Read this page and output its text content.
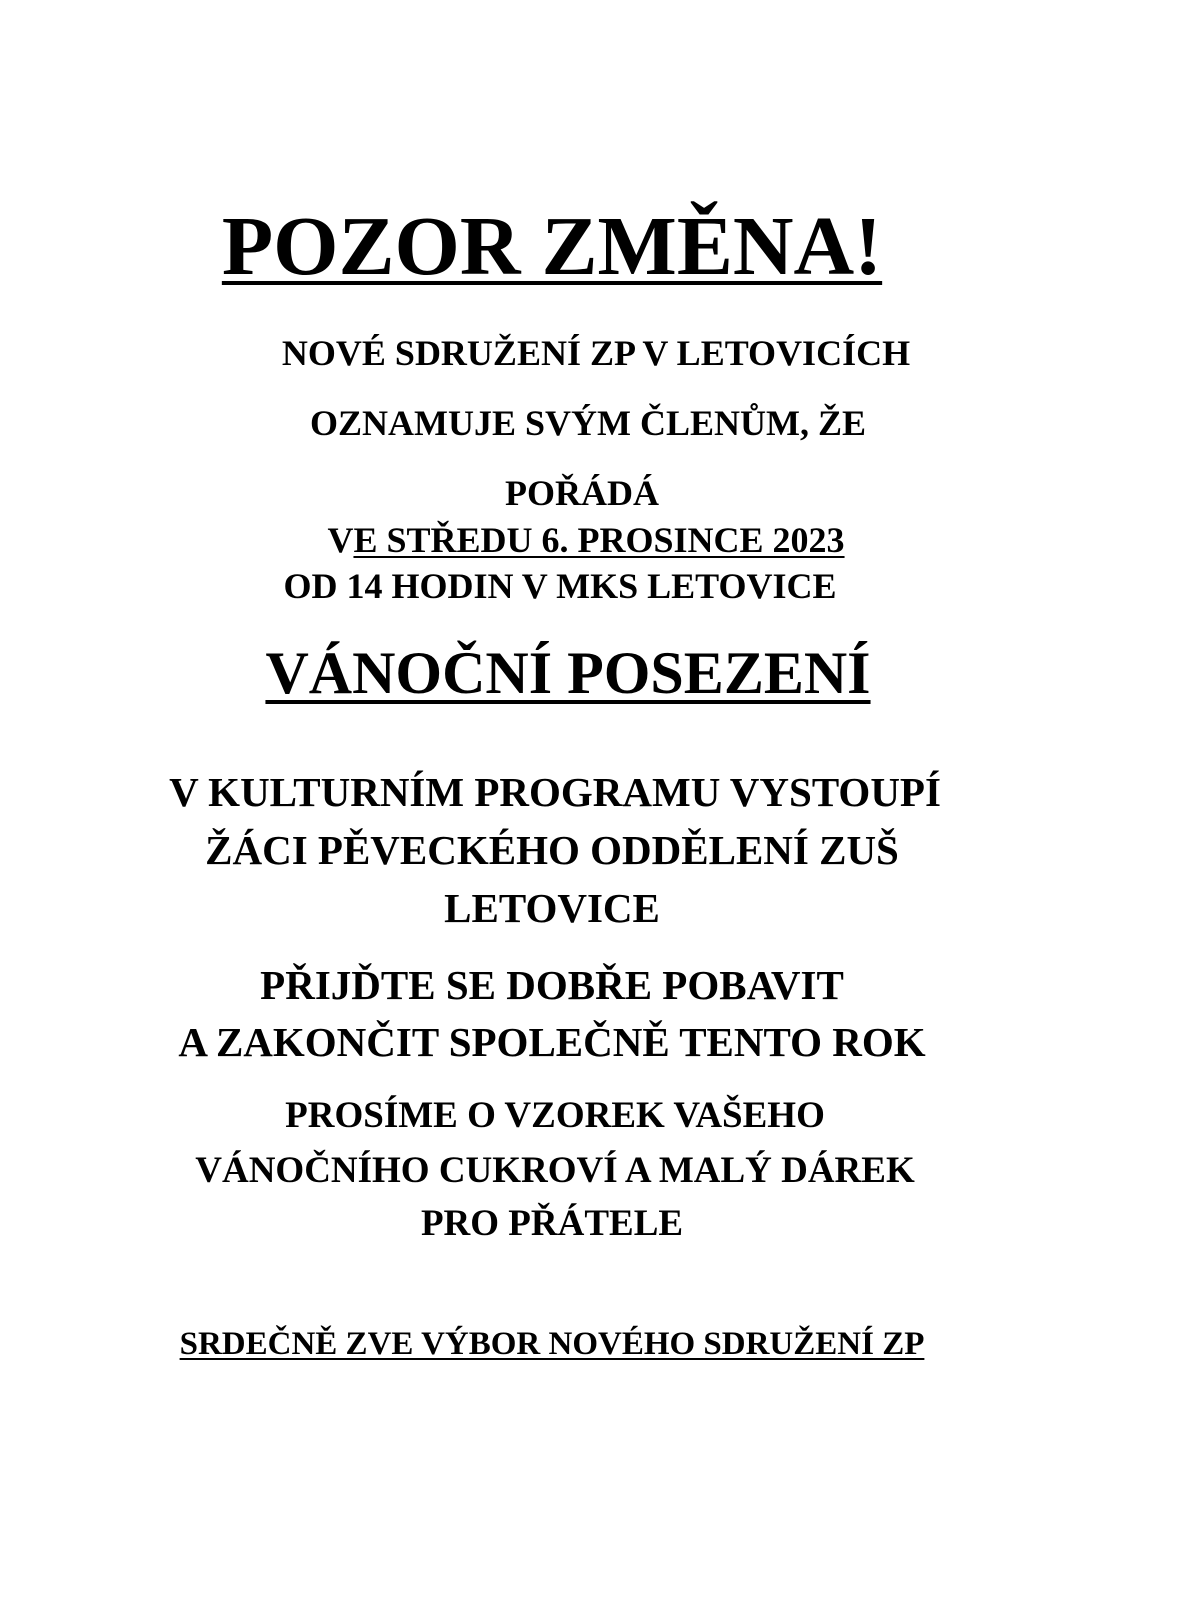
POZOR ZMĚNA!

NOVÉ SDRUŽENÍ ZP V LETOVICÍCH

OZNAMUJE SVÝM ČLENŮM, ŽE

POŘÁDÁ

VE STŘEDU 6. PROSINCE 2023

OD 14 HODIN V MKS LETOVICE

VÁNOČNÍ POSEZENÍ

V KULTURNÍM PROGRAMU VYSTOUPÍ

ŽÁCI PĚVECKÉHO ODDĚLENÍ ZUŠ

LETOVICE

PŘIJĎTE SE DOBŘE POBAVIT

A ZAKONČIT SPOLEČNĚ TENTO ROK

PROSÍME O VZOREK VAŠEHO

VÁNOČNÍHO CUKROVÍ A MALÝ DÁREK

PRO PŘÁTELE

SRDEČNĚ ZVE VÝBOR NOVÉHO SDRUŽENÍ ZP
